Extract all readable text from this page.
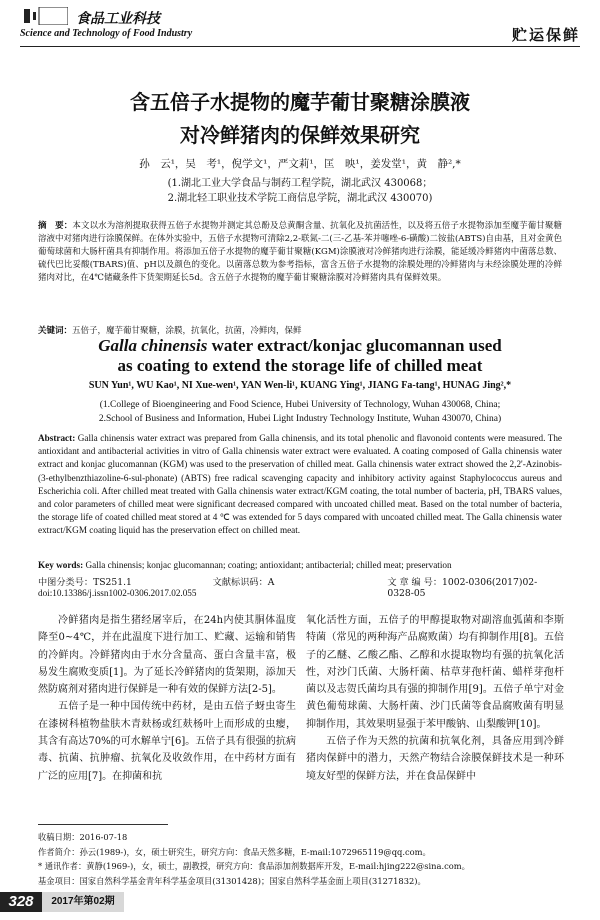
食品工业科技
Science and Technology of Food Industry	贮运保鲜
含五倍子水提物的魔芋葡甘聚糖涂膜液
对冷鲜猪肉的保鲜效果研究
孙　云¹，吴　考¹，倪学文¹，严文莉¹，匡　映¹，姜发堂¹，黄　静²,*
(1.湖北工业大学食品与制药工程学院，湖北武汉 430068；
2.湖北轻工职业技术学院工商信息学院，湖北武汉 430070)
摘　要：本文以水为溶剂提取获得五倍子水提物并测定其总酚及总黄酮含量、抗氧化及抗菌活性，以及将五倍子水提物添加至魔芋葡甘聚糖溶液中对猪肉进行涂膜保鲜。在体外实验中，五倍子水提物可清除2,2-联氮-二(三-乙基-苯并噻唑-6-磺酸)二铵盐(ABTS)自由基，且对金黄色葡萄球菌和大肠杆菌具有抑制作用。将添加五倍子水提物的魔芋葡甘聚糖(KGM)涂膜液对冷鲜猪肉进行涂膜，能延缓冷鲜猪肉中菌落总数、硫代巴比妥酸(TBARS)值、pH以及颜色的变化。以菌落总数为参考指标，富含五倍子水提物的涂膜处理的冷鲜猪肉与未经涂膜处理的冷鲜猪肉对比，在4℃储藏条件下货架期延长5d。含五倍子水提物的魔芋葡甘聚糖涂膜对冷鲜猪肉具有保鲜效果。
关键词：五倍子，魔芋葡甘聚糖，涂膜，抗氧化，抗菌，冷鲜肉，保鲜
Galla chinensis water extract/konjac glucomannan used
as coating to extend the storage life of chilled meat
SUN Yun¹, WU Kao¹, NI Xue-wen¹, YAN Wen-li¹, KUANG Ying¹, JIANG Fa-tang¹, HUNAG Jing²,*
(1.College of Bioengineering and Food Science, Hubei University of Technology, Wuhan 430068, China;
2.School of Business and Information, Hubei Light Industry Technology Institute, Wuhan 430070, China)
Abstract: Galla chinensis water extract was prepared from Galla chinensis, and its total phenolic and flavonoid contents were measured. The antioxidant and antibacterial activities in vitro of Galla chinensis water extract were evaluated. A coating composed of Galla chinensis water extract and konjac glucomannan (KGM) was used to the preservation of chilled meat. Galla chinensis water extract showed the 2,2'-Azinobis-(3-ethylbenzthiazoline-6-sul-phonate) (ABTS) free radical scavenging capacity and inhibitory activity against Staphylococcus aureus and Escherichia coli. After chilled meat treated with Galla chinensis water extract/KGM coating, the total number of bacteria, pH, TBARS values, and color parameters of chilled meat were significant decreased compared with uncoated chilled meat. Based on the total number of bacteria, the storage life of coated chilled meat stored at 4 ℃ was extended for 5 days compared with uncoated chilled meat. The Galla chinensis water extract/KGM coating liquid has the preservation effect on chilled meat.
Key words: Galla chinensis; konjac glucomannan; coating; antioxidant; antibacterial; chilled meat; preservation
中图分类号：TS251.1	文献标识码：A	文 章 编 号：1002-0306(2017)02-0328-05
doi:10.13386/j.issn1002-0306.2017.02.055

冷鲜猪肉是指生猪经屠宰后，在24h内使其胴体温度降至0~4℃，并在此温度下进行加工、贮藏、运输和销售的冷鲜肉。冷鲜猪肉由于水分含量高、蛋白含量丰富，极易发生腐败变质[1]。为了延长冷鲜猪肉的货架期，添加天然防腐剂对猪肉进行保鲜是一种有效的保鲜方法[2-5]。

五倍子是一种中国传统中药材，是由五倍子蚜虫寄生在漆树科植物盐肤木青麸杨或红麸杨叶上而形成的虫瘿，其含有高达70%的可水解单宁[6]。五倍子具有很强的抗病毒、抗菌、抗肿瘤、抗氧化及收敛作用，在中药材方面有广泛的应用[7]。在抑菌和抗

氧化活性方面，五倍子的甲醇提取物对副溶血弧菌和李斯特菌（常见的两种海产品腐败菌）均有抑制作用[8]。五倍子的乙醚、乙酸乙酯、乙醇和水提取物均有强的抗氧化活性，对沙门氏菌、大肠杆菌、枯草芽孢杆菌、蜡样芽孢杆菌以及志贺氏菌均具有强的抑制作用[9]。五倍子单宁对金黄色葡萄球菌、大肠杆菌、沙门氏菌等食品腐败菌有明显抑制作用，其效果明显强于苯甲酸钠、山梨酸钾[10]。

五倍子作为天然的抗菌和抗氧化剂，具备应用到冷鲜猪肉保鲜中的潜力，天然产物结合涂膜保鲜技术是一种环境友好型的保鲜方法，并在食品保鲜中

收稿日期：2016-07-18
作者简介：孙云(1989-)，女，硕士研究生，研究方向：食品天然多糖，E-mail:1072965119@qq.com。
* 通讯作者：黄静(1969-)，女，硕士，副教授，研究方向：食品添加剂数据库开发，E-mail:hjing222@sina.com。
基金项目：国家自然科学基金青年科学基金项目(31301428)；国家自然科学基金面上项目(31271832)。
328	2017年第02期
